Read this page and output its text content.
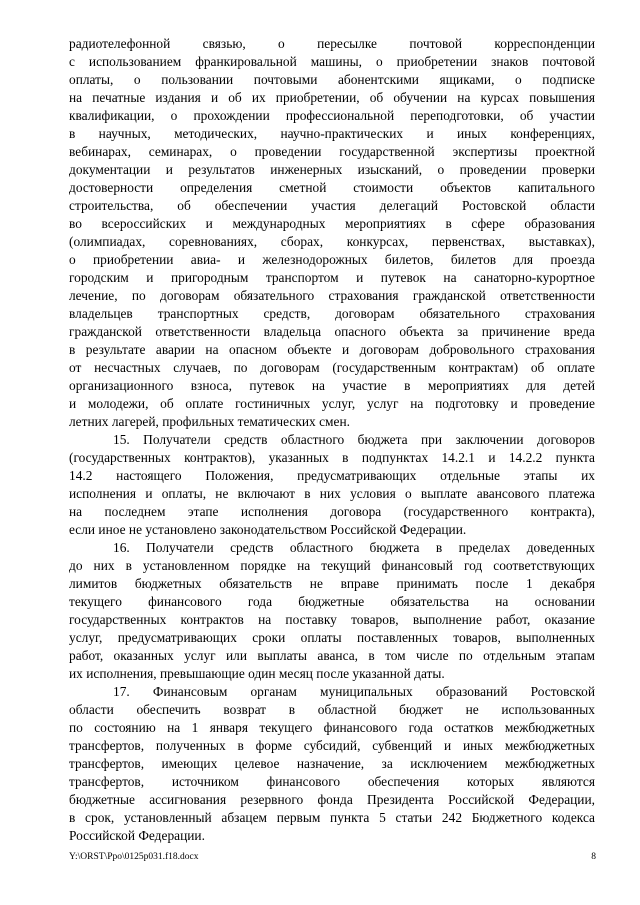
радиотелефонной связью, о пересылке почтовой корреспонденции
с использованием франкировальной машины, о приобретении знаков почтовой
оплаты, о пользовании почтовыми абонентскими ящиками, о подписке
на печатные издания и об их приобретении, об обучении на курсах повышения
квалификации, о прохождении профессиональной переподготовки, об участии
в научных, методических, научно-практических и иных конференциях,
вебинарах, семинарах, о проведении государственной экспертизы проектной
документации и результатов инженерных изысканий, о проведении проверки
достоверности определения сметной стоимости объектов капитального
строительства, об обеспечении участия делегаций Ростовской области
во всероссийских и международных мероприятиях в сфере образования
(олимпиадах, соревнованиях, сборах, конкурсах, первенствах, выставках),
о приобретении авиа- и железнодорожных билетов, билетов для проезда
городским и пригородным транспортом и путевок на санаторно-курортное
лечение, по договорам обязательного страхования гражданской ответственности
владельцев транспортных средств, договорам обязательного страхования
гражданской ответственности владельца опасного объекта за причинение вреда
в результате аварии на опасном объекте и договорам добровольного страхования
от несчастных случаев, по договорам (государственным контрактам) об оплате
организационного взноса, путевок на участие в мероприятиях для детей
и молодежи, об оплате гостиничных услуг, услуг на подготовку и проведение
летних лагерей, профильных тематических смен.
15. Получатели средств областного бюджета при заключении договоров
(государственных контрактов), указанных в подпунктах 14.2.1 и 14.2.2 пункта
14.2 настоящего Положения, предусматривающих отдельные этапы их
исполнения и оплаты, не включают в них условия о выплате авансового платежа
на последнем этапе исполнения договора (государственного контракта),
если иное не установлено законодательством Российской Федерации.
16. Получатели средств областного бюджета в пределах доведенных
до них в установленном порядке на текущий финансовый год соответствующих
лимитов бюджетных обязательств не вправе принимать после 1 декабря
текущего финансового года бюджетные обязательства на основании
государственных контрактов на поставку товаров, выполнение работ, оказание
услуг, предусматривающих сроки оплаты поставленных товаров, выполненных
работ, оказанных услуг или выплаты аванса, в том числе по отдельным этапам
их исполнения, превышающие один месяц после указанной даты.
17. Финансовым органам муниципальных образований Ростовской
области обеспечить возврат в областной бюджет не использованных
по состоянию на 1 января текущего финансового года остатков межбюджетных
трансфертов, полученных в форме субсидий, субвенций и иных межбюджетных
трансфертов, имеющих целевое назначение, за исключением межбюджетных
трансфертов, источником финансового обеспечения которых являются
бюджетные ассигнования резервного фонда Президента Российской Федерации,
в срок, установленный абзацем первым пункта 5 статьи 242 Бюджетного кодекса
Российской Федерации.
Y:\ORST\Ppo\0125p031.f18.docx	8
